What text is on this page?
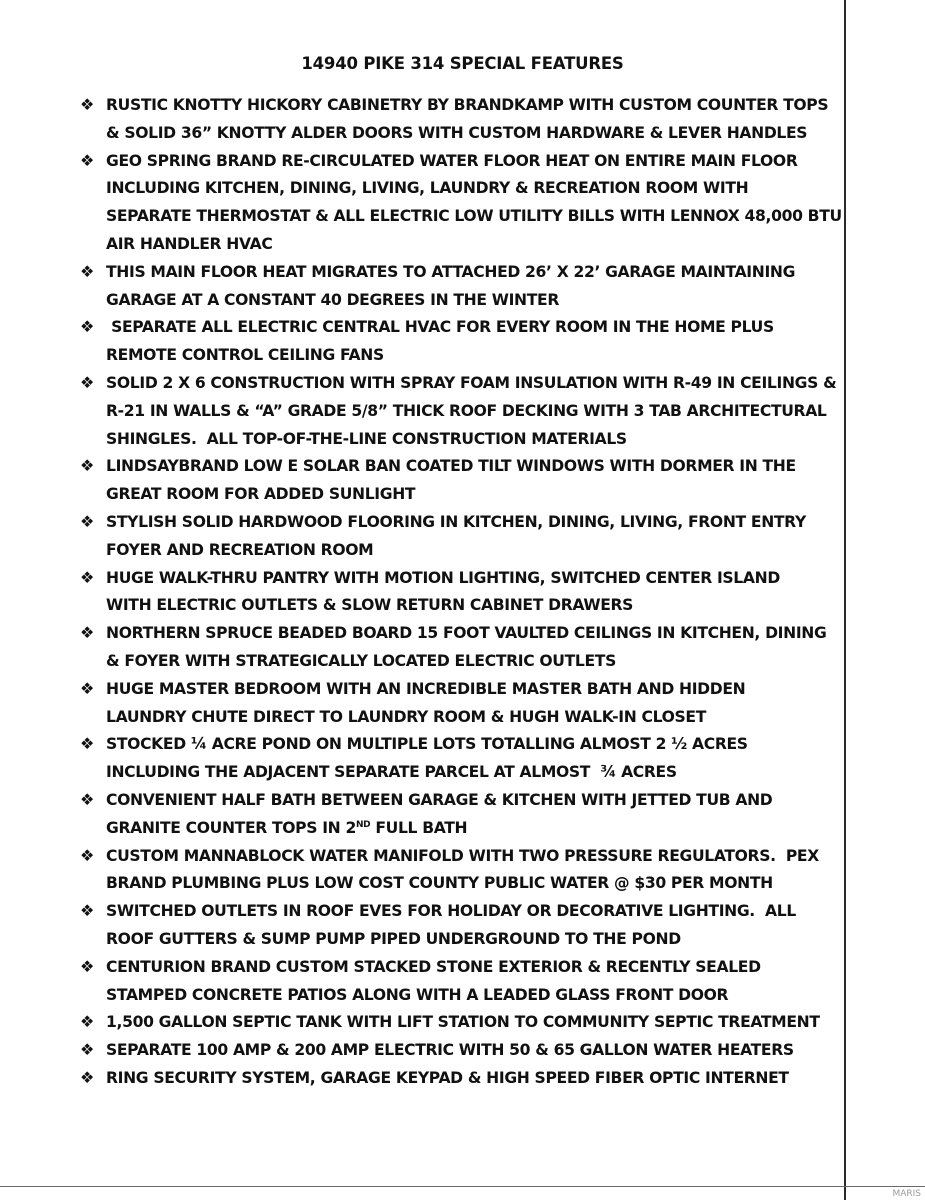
14940 PIKE 314 SPECIAL FEATURES
❖ RUSTIC KNOTTY HICKORY CABINETRY BY BRANDKAMP WITH CUSTOM COUNTER TOPS
& SOLID 36” KNOTTY ALDER DOORS WITH CUSTOM HARDWARE & LEVER HANDLES
❖ GEO SPRING BRAND RE-CIRCULATED WATER FLOOR HEAT ON ENTIRE MAIN FLOOR
INCLUDING KITCHEN, DINING, LIVING, LAUNDRY & RECREATION ROOM WITH
SEPARATE THERMOSTAT & ALL ELECTRIC LOW UTILITY BILLS WITH LENNOX 48,000 BTU
AIR HANDLER HVAC
❖ THIS MAIN FLOOR HEAT MIGRATES TO ATTACHED 26’ X 22’ GARAGE MAINTAINING
GARAGE AT A CONSTANT 40 DEGREES IN THE WINTER
❖ SEPARATE ALL ELECTRIC CENTRAL HVAC FOR EVERY ROOM IN THE HOME PLUS
REMOTE CONTROL CEILING FANS
❖ SOLID 2 X 6 CONSTRUCTION WITH SPRAY FOAM INSULATION WITH R-49 IN CEILINGS &
R-21 IN WALLS & “A” GRADE 5/8” THICK ROOF DECKING WITH 3 TAB ARCHITECTURAL
SHINGLES.  ALL TOP-OF-THE-LINE CONSTRUCTION MATERIALS
❖ LINDSAYBRAND LOW E SOLAR BAN COATED TILT WINDOWS WITH DORMER IN THE
GREAT ROOM FOR ADDED SUNLIGHT
❖ STYLISH SOLID HARDWOOD FLOORING IN KITCHEN, DINING, LIVING, FRONT ENTRY
FOYER AND RECREATION ROOM
❖ HUGE WALK-THRU PANTRY WITH MOTION LIGHTING, SWITCHED CENTER ISLAND
WITH ELECTRIC OUTLETS & SLOW RETURN CABINET DRAWERS
❖ NORTHERN SPRUCE BEADED BOARD 15 FOOT VAULTED CEILINGS IN KITCHEN, DINING
& FOYER WITH STRATEGICALLY LOCATED ELECTRIC OUTLETS
❖ HUGE MASTER BEDROOM WITH AN INCREDIBLE MASTER BATH AND HIDDEN
LAUNDRY CHUTE DIRECT TO LAUNDRY ROOM & HUGH WALK-IN CLOSET
❖ STOCKED ¼ ACRE POND ON MULTIPLE LOTS TOTALLING ALMOST 2 ½ ACRES
INCLUDING THE ADJACENT SEPARATE PARCEL AT ALMOST  ¾ ACRES
❖ CONVENIENT HALF BATH BETWEEN GARAGE & KITCHEN WITH JETTED TUB AND
GRANITE COUNTER TOPS IN 2ND FULL BATH
❖ CUSTOM MANNABLOCK WATER MANIFOLD WITH TWO PRESSURE REGULATORS.  PEX
BRAND PLUMBING PLUS LOW COST COUNTY PUBLIC WATER @ $30 PER MONTH
❖ SWITCHED OUTLETS IN ROOF EVES FOR HOLIDAY OR DECORATIVE LIGHTING.  ALL
ROOF GUTTERS & SUMP PUMP PIPED UNDERGROUND TO THE POND
❖ CENTURION BRAND CUSTOM STACKED STONE EXTERIOR & RECENTLY SEALED
STAMPED CONCRETE PATIOS ALONG WITH A LEADED GLASS FRONT DOOR
❖ 1,500 GALLON SEPTIC TANK WITH LIFT STATION TO COMMUNITY SEPTIC TREATMENT
❖ SEPARATE 100 AMP & 200 AMP ELECTRIC WITH 50 & 65 GALLON WATER HEATERS
❖ RING SECURITY SYSTEM, GARAGE KEYPAD & HIGH SPEED FIBER OPTIC INTERNET
MARIS
